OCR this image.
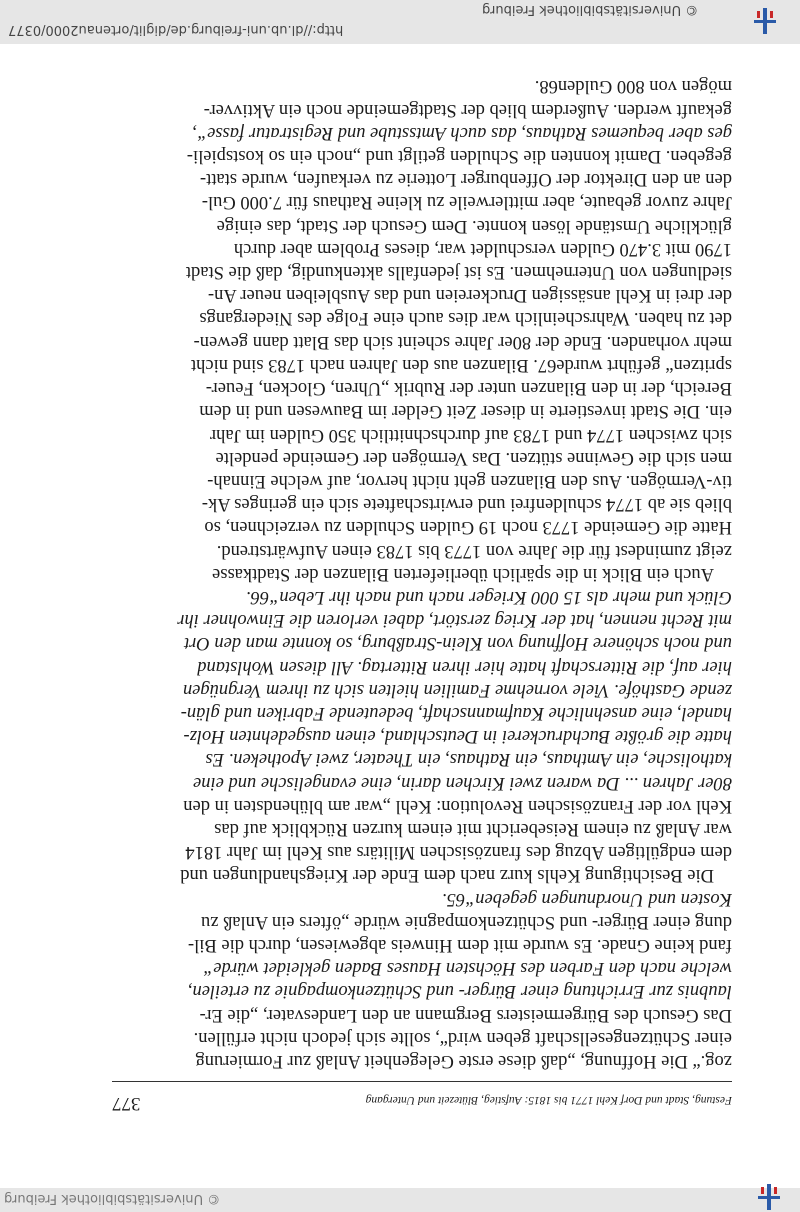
© Universitätsbibliothek Freiburg
http://dl.ub.uni-freiburg.de/diglit/ortenau2000/0377
Festung, Stadt und Dorf Kehl 1771 bis 1815: Aufstieg, Blütezeit und Untergang
377
zog.“ Die Hoffnung, „daß diese erste Gelegenheit Anlaß zur Formierung
einer Schützengesellschaft geben wird“, sollte sich jedoch nicht erfüllen.
Das Gesuch des Bürgermeisters Bergmann an den Landesvater, „die Er-
laubnis zur Errichtung einer Bürger- und Schützenkompagnie zu erteilen,
welche nach den Farben des Höchsten Hauses Baden gekleidet würde“
fand keine Gnade. Es wurde mit dem Hinweis abgewiesen, durch die Bil-
dung einer Bürger- und Schützenkompagnie würde „öfters ein Anlaß zu
Kosten und Unordnungen gegeben“65.
Die Besichtigung Kehls kurz nach dem Ende der Kriegshandlungen und
dem endgültigen Abzug des französischen Militärs aus Kehl im Jahr 1814
war Anlaß zu einem Reisebericht mit einem kurzen Rückblick auf das
Kehl vor der Französischen Revolution: Kehl „war am blühendsten in den
80er Jahren ... Da waren zwei Kirchen darin, eine evangelische und eine
katholische, ein Amthaus, ein Rathaus, ein Theater, zwei Apotheken. Es
hatte die größte Buchdruckerei in Deutschland, einen ausgedehnten Holz-
handel, eine ansehnliche Kaufmannschaft, bedeutende Fabriken und glän-
zende Gasthöfe. Viele vornehme Familien hielten sich zu ihrem Vergnügen
hier auf, die Ritterschaft hatte hier ihren Rittertag. All diesen Wohlstand
und noch schönere Hoffnung von Klein-Straßburg, so konnte man den Ort
mit Recht nennen, hat der Krieg zerstört, dabei verloren die Einwohner ihr
Glück und mehr als 15 000 Krieger nach und nach ihr Leben“66.
Auch ein Blick in die spärlich überlieferten Bilanzen der Stadtkasse
zeigt zumindest für die Jahre von 1773 bis 1783 einen Aufwärtstrend.
Hatte die Gemeinde 1773 noch 19 Gulden Schulden zu verzeichnen, so
blieb sie ab 1774 schuldenfrei und erwirtschaftete sich ein geringes Ak-
tiv-Vermögen. Aus den Bilanzen geht nicht hervor, auf welche Einnah-
men sich die Gewinne stützen. Das Vermögen der Gemeinde pendelte
sich zwischen 1774 und 1783 auf durchschnittlich 350 Gulden im Jahr
ein. Die Stadt investierte in dieser Zeit Gelder im Bauwesen und in dem
Bereich, der in den Bilanzen unter der Rubrik „Uhren, Glocken, Feuer-
spritzen“ geführt wurde67. Bilanzen aus den Jahren nach 1783 sind nicht
mehr vorhanden. Ende der 80er Jahre scheint sich das Blatt dann gewen-
det zu haben. Wahrscheinlich war dies auch eine Folge des Niedergangs
der drei in Kehl ansässigen Druckereien und das Ausbleiben neuer An-
siedlungen von Unternehmen. Es ist jedenfalls aktenkundig, daß die Stadt
1790 mit 3.470 Gulden verschuldet war, dieses Problem aber durch
glückliche Umstände lösen konnte. Dem Gesuch der Stadt, das einige
Jahre zuvor gebaute, aber mittlerweile zu kleine Rathaus für 7.000 Gul-
den an den Direktor der Offenburger Lotterie zu verkaufen, wurde statt-
gegeben. Damit konnten die Schulden getilgt und „noch ein so kostspieli-
ges aber bequemes Rathaus, das auch Amtsstube und Registratur fasse“,
gekauft werden. Außerdem blieb der Stadtgemeinde noch ein Aktivver-
mögen von 800 Gulden68.
© Universitätsbibliothek Freiburg
